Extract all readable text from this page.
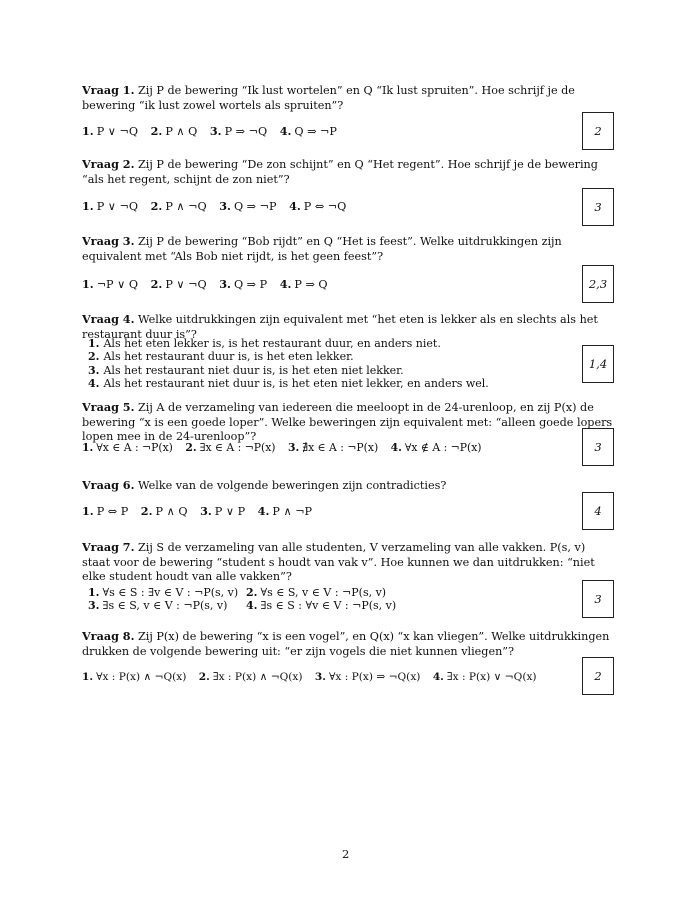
Vraag 1. Zij P de bewering “Ik lust wortelen” en Q “Ik lust spruiten”. Hoe schrijf je de bewering “ik lust zowel wortels als spruiten”?
1. P ∨ ¬Q 2. P ∧ Q 3. P ⇒ ¬Q 4. Q ⇒ ¬P	2
Vraag 2. Zij P de bewering “De zon schijnt” en Q “Het regent”. Hoe schrijf je de bewering “als het regent, schijnt de zon niet”?
1. P ∨ ¬Q 2. P ∧ ¬Q 3. Q ⇒ ¬P 4. P ⇔ ¬Q	3
Vraag 3. Zij P de bewering “Bob rijdt” en Q “Het is feest”. Welke uitdrukkingen zijn equivalent met “Als Bob niet rijdt, is het geen feest”?
1. ¬P ∨ Q 2. P ∨ ¬Q 3. Q ⇒ P 4. P ⇒ Q	2,3
Vraag 4. Welke uitdrukkingen zijn equivalent met “het eten is lekker als en slechts als het restaurant duur is”?
1. Als het eten lekker is, is het restaurant duur, en anders niet.
2. Als het restaurant duur is, is het eten lekker.
3. Als het restaurant niet duur is, is het eten niet lekker.
4. Als het restaurant niet duur is, is het eten niet lekker, en anders wel.
1,4
Vraag 5. Zij A de verzameling van iedereen die meeloopt in de 24-urenloop, en zij P(x) de bewering “x is een goede loper”. Welke beweringen zijn equivalent met: “alleen goede lopers lopen mee in de 24-urenloop”?
1. ∀x ∈ A : ¬P(x) 2. ∃x ∈ A : ¬P(x) 3. ∄x ∈ A : ¬P(x) 4. ∀x ∉ A : ¬P(x)	3
Vraag 6. Welke van de volgende beweringen zijn contradicties?
1. P ⇔ P 2. P ∧ Q 3. P ∨ P 4. P ∧ ¬P	4
Vraag 7. Zij S de verzameling van alle studenten, V verzameling van alle vakken. P(s, v) staat voor de bewering “student s houdt van vak v”. Hoe kunnen we dan uitdrukken: “niet elke student houdt van alle vakken”?
1. ∀s ∈ S : ∃v ∈ V : ¬P(s, v) 2. ∀s ∈ S, v ∈ V : ¬P(s, v)
3. ∃s ∈ S, v ∈ V : ¬P(s, v) 4. ∃s ∈ S : ∀v ∈ V : ¬P(s, v)	3
Vraag 8. Zij P(x) de bewering “x is een vogel”, en Q(x) “x kan vliegen”. Welke uitdrukkingen drukken de volgende bewering uit: “er zijn vogels die niet kunnen vliegen”?
1. ∀x : P(x) ∧ ¬Q(x) 2. ∃x : P(x) ∧ ¬Q(x) 3. ∀x : P(x) ⇒ ¬Q(x) 4. ∃x : P(x) ∨ ¬Q(x)	2
2
